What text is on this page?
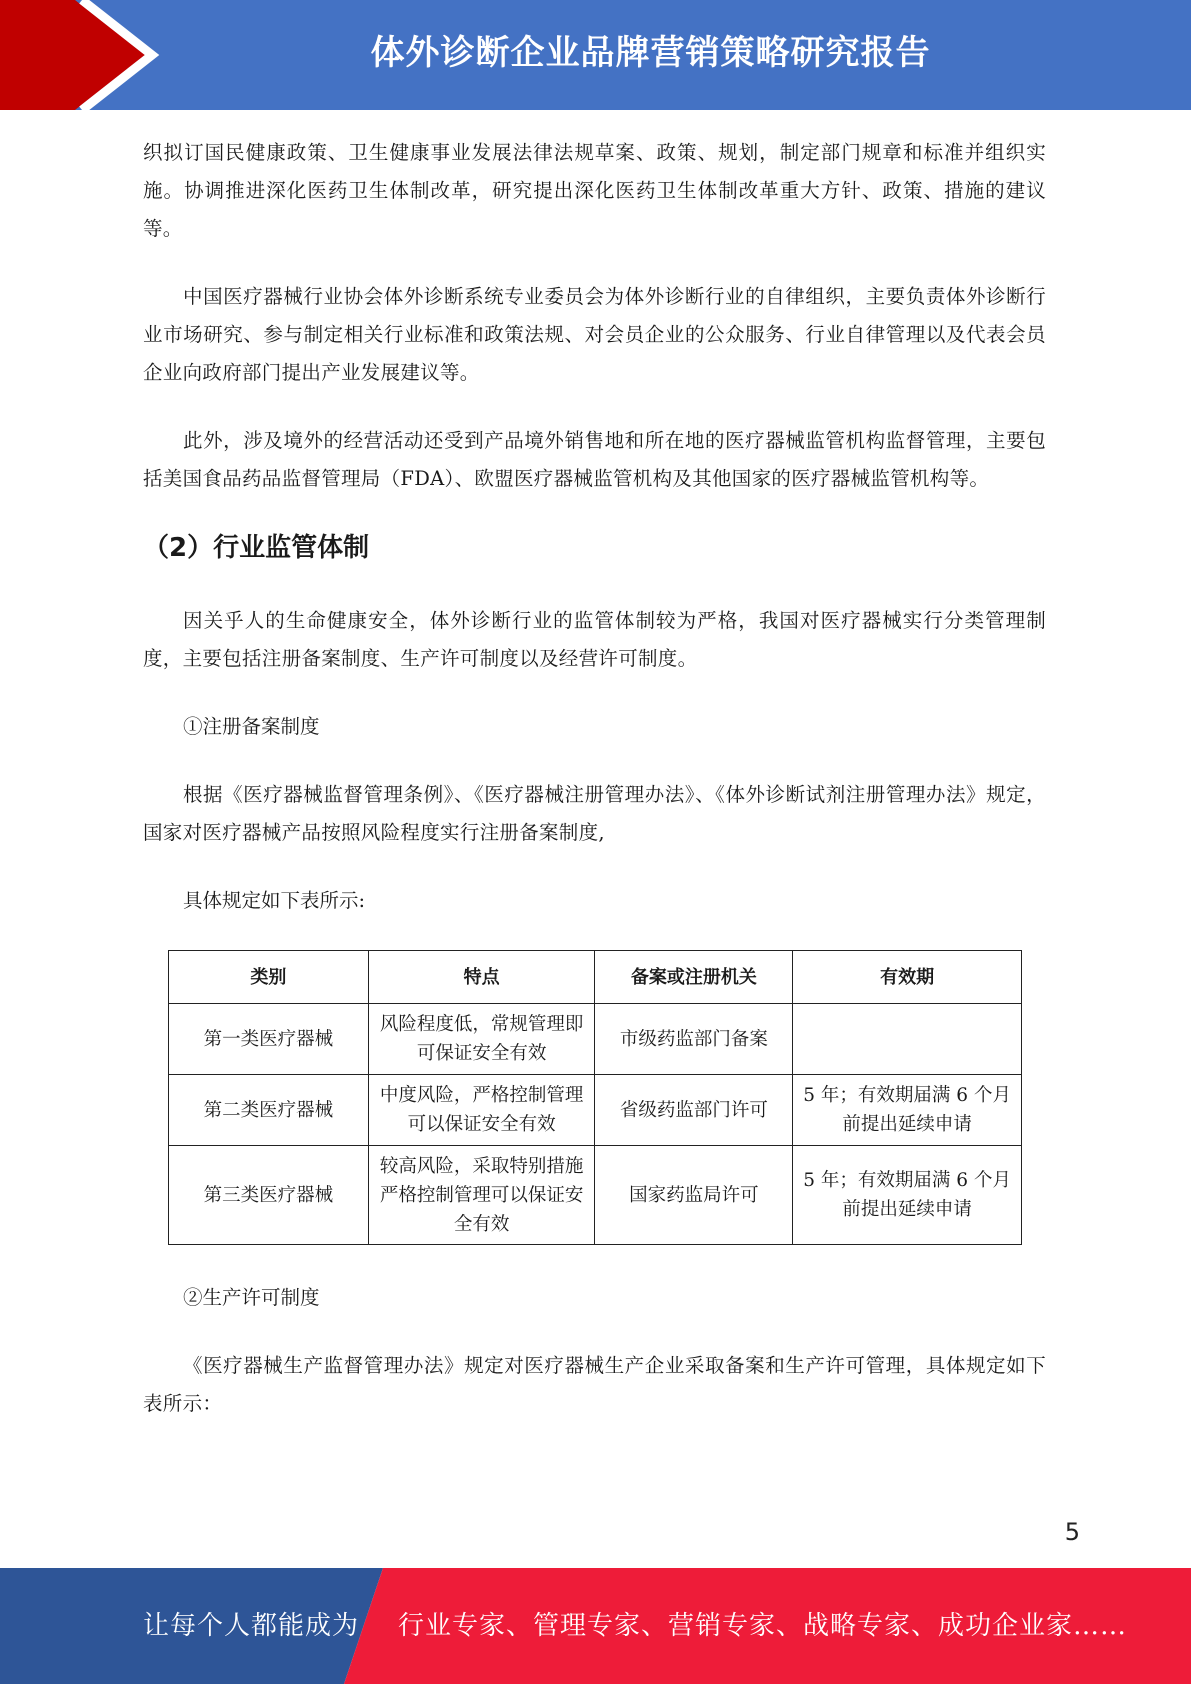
体外诊断企业品牌营销策略研究报告

织拟订国民健康政策、卫生健康事业发展法律法规草案、政策、规划，制定部门规章和标准并组织实施。协调推进深化医药卫生体制改革，研究提出深化医药卫生体制改革重大方针、政策、措施的建议等。

中国医疗器械行业协会体外诊断系统专业委员会为体外诊断行业的自律组织，主要负责体外诊断行业市场研究、参与制定相关行业标准和政策法规、对会员企业的公众服务、行业自律管理以及代表会员企业向政府部门提出产业发展建议等。

此外，涉及境外的经营活动还受到产品境外销售地和所在地的医疗器械监管机构监督管理，主要包括美国食品药品监督管理局（FDA）、欧盟医疗器械监管机构及其他国家的医疗器械监管机构等。

（2）行业监管体制

因关乎人的生命健康安全，体外诊断行业的监管体制较为严格，我国对医疗器械实行分类管理制度，主要包括注册备案制度、生产许可制度以及经营许可制度。

①注册备案制度

根据《医疗器械监督管理条例》、《医疗器械注册管理办法》、《体外诊断试剂注册管理办法》规定，国家对医疗器械产品按照风险程度实行注册备案制度,

具体规定如下表所示:
类别	特点	备案或注册机关	有效期
第一类医疗器械	风险程度低，常规管理即可保证安全有效	市级药监部门备案	
第二类医疗器械	中度风险，严格控制管理可以保证安全有效	省级药监部门许可	5 年；有效期届满 6 个月前提出延续申请
第三类医疗器械	较高风险，采取特别措施严格控制管理可以保证安全有效	国家药监局许可	5 年；有效期届满 6 个月前提出延续申请
②生产许可制度

《医疗器械生产监督管理办法》规定对医疗器械生产企业采取备案和生产许可管理，具体规定如下表所示：

5
让每个人都能成为 行业专家、管理专家、营销专家、战略专家、成功企业家……
